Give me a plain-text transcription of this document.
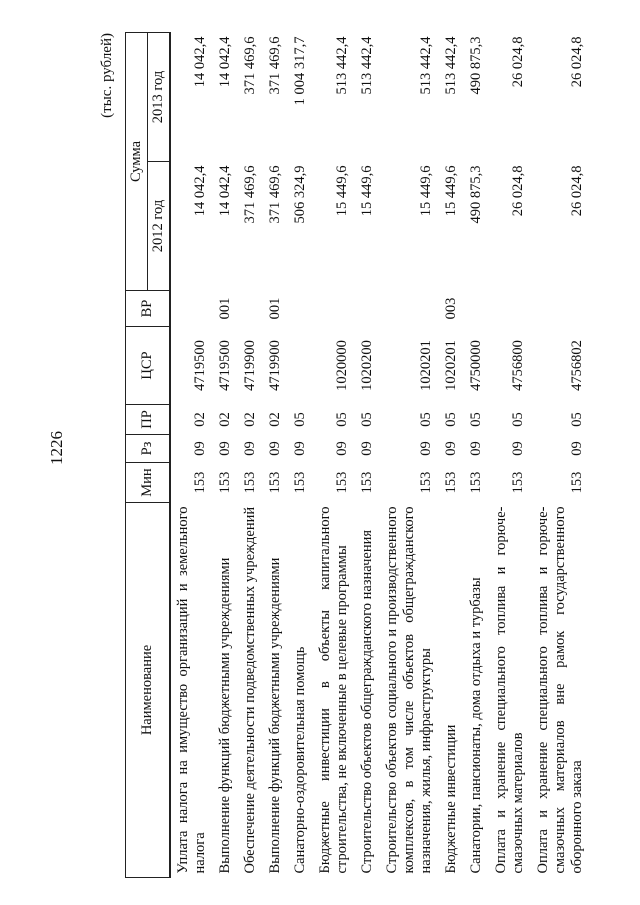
1226
(тыс. рублей)
Наименование	Мин	Рз	ПР	ЦСР	ВР	Сумма	
						2012 год	2013 год
Уплата налога на имущество организаций и земельного налога	153	09	02	4719500		14 042,4	14 042,4
Выполнение функций бюджетными учреждениями	153	09	02	4719500	001	14 042,4	14 042,4
Обеспечение деятельности подведомственных учреждений	153	09	02	4719900		371 469,6	371 469,6
Выполнение функций бюджетными учреждениями	153	09	02	4719900	001	371 469,6	371 469,6
Санаторно-оздоровительная помощь	153	09	05			506 324,9	1 004 317,7
Бюджетные инвестиции в объекты капитального строительства, не включенные в целевые программы	153	09	05	1020000		15 449,6	513 442,4
Строительство объектов общегражданского назначения	153	09	05	1020200		15 449,6	513 442,4
Строительство объектов социального и производственного комплексов, в том числе объектов общегражданского назначения, жилья, инфраструктуры	153	09	05	1020201		15 449,6	513 442,4
Бюджетные инвестиции	153	09	05	1020201	003	15 449,6	513 442,4
Санатории, пансионаты, дома отдыха и турбазы	153	09	05	4750000		490 875,3	490 875,3
Оплата и хранение специального топлива и горюче-смазочных материалов	153	09	05	4756800		26 024,8	26 024,8
Оплата и хранение специального топлива и горюче-смазочных материалов вне рамок государственного оборонного заказа	153	09	05	4756802		26 024,8	26 024,8
